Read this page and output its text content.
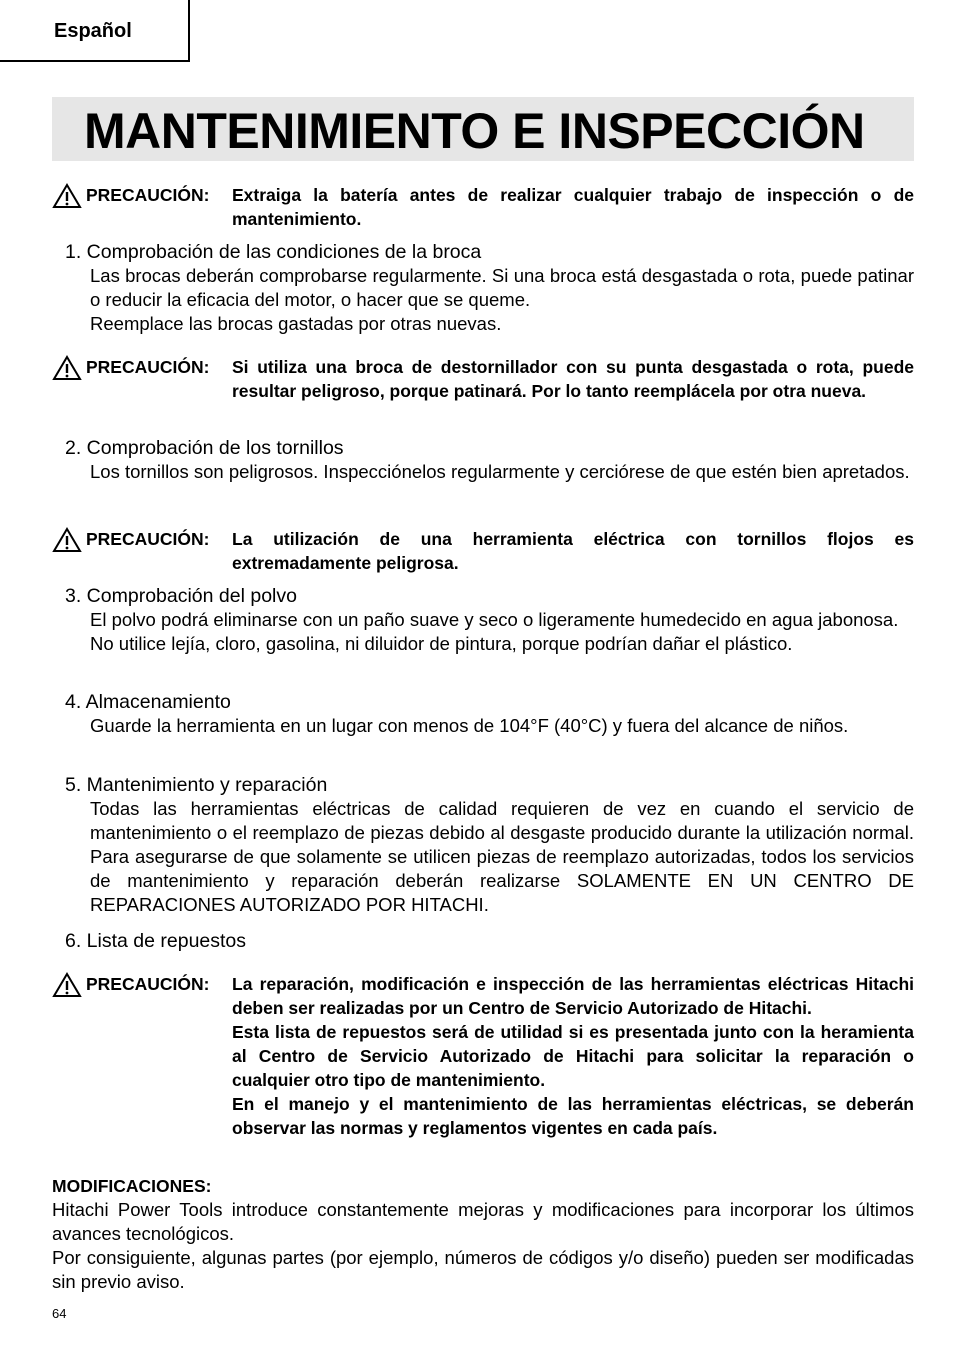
Español
MANTENIMIENTO E INSPECCIÓN
PRECAUCIÓN: Extraiga la batería antes de realizar cualquier trabajo de inspección o de mantenimiento.

1. Comprobación de las condiciones de la broca

Las brocas deberán comprobarse regularmente. Si una broca está desgastada o rota, puede patinar o reducir la eficacia del motor, o hacer que se queme.

Reemplace las brocas gastadas por otras nuevas.

PRECAUCIÓN: Si utiliza una broca de destornillador con su punta desgastada o rota, puede resultar peligroso, porque patinará. Por lo tanto reemplácela por otra nueva.

2. Comprobación de los tornillos

Los tornillos son peligrosos. Inspecciónelos regularmente y cerciórese de que estén bien apretados.

PRECAUCIÓN: La utilización de una herramienta eléctrica con tornillos flojos es extremadamente peligrosa.

3. Comprobación del polvo

El polvo podrá eliminarse con un paño suave y seco o ligeramente humedecido en agua jabonosa.

No utilice lejía, cloro, gasolina, ni diluidor de pintura, porque podrían dañar el plástico.

4. Almacenamiento

Guarde la herramienta en un lugar con menos de 104°F (40°C) y fuera del alcance de niños.

5. Mantenimiento y reparación

Todas las herramientas eléctricas de calidad requieren de vez en cuando el servicio de mantenimiento o el reemplazo de piezas debido al desgaste producido durante la utilización normal. Para asegurarse de que solamente se utilicen piezas de reemplazo autorizadas, todos los servicios de mantenimiento y reparación deberán realizarse SOLAMENTE EN UN CENTRO DE REPARACIONES AUTORIZADO POR HITACHI.

6. Lista de repuestos
PRECAUCIÓN: La reparación, modificación e inspección de las herramientas eléctricas Hitachi deben ser realizadas por un Centro de Servicio Autorizado de Hitachi.

Esta lista de repuestos será de utilidad si es presentada junto con la heramienta al Centro de Servicio Autorizado de Hitachi para solicitar la reparación o cualquier otro tipo de mantenimiento.

En el manejo y el mantenimiento de las herramientas eléctricas, se deberán observar las normas y reglamentos vigentes en cada país.

MODIFICACIONES:

Hitachi Power Tools introduce constantemente mejoras y modificaciones para incorporar los últimos avances tecnológicos.

Por consiguiente, algunas partes (por ejemplo, números de códigos y/o diseño) pueden ser modificadas sin previo aviso.

64
